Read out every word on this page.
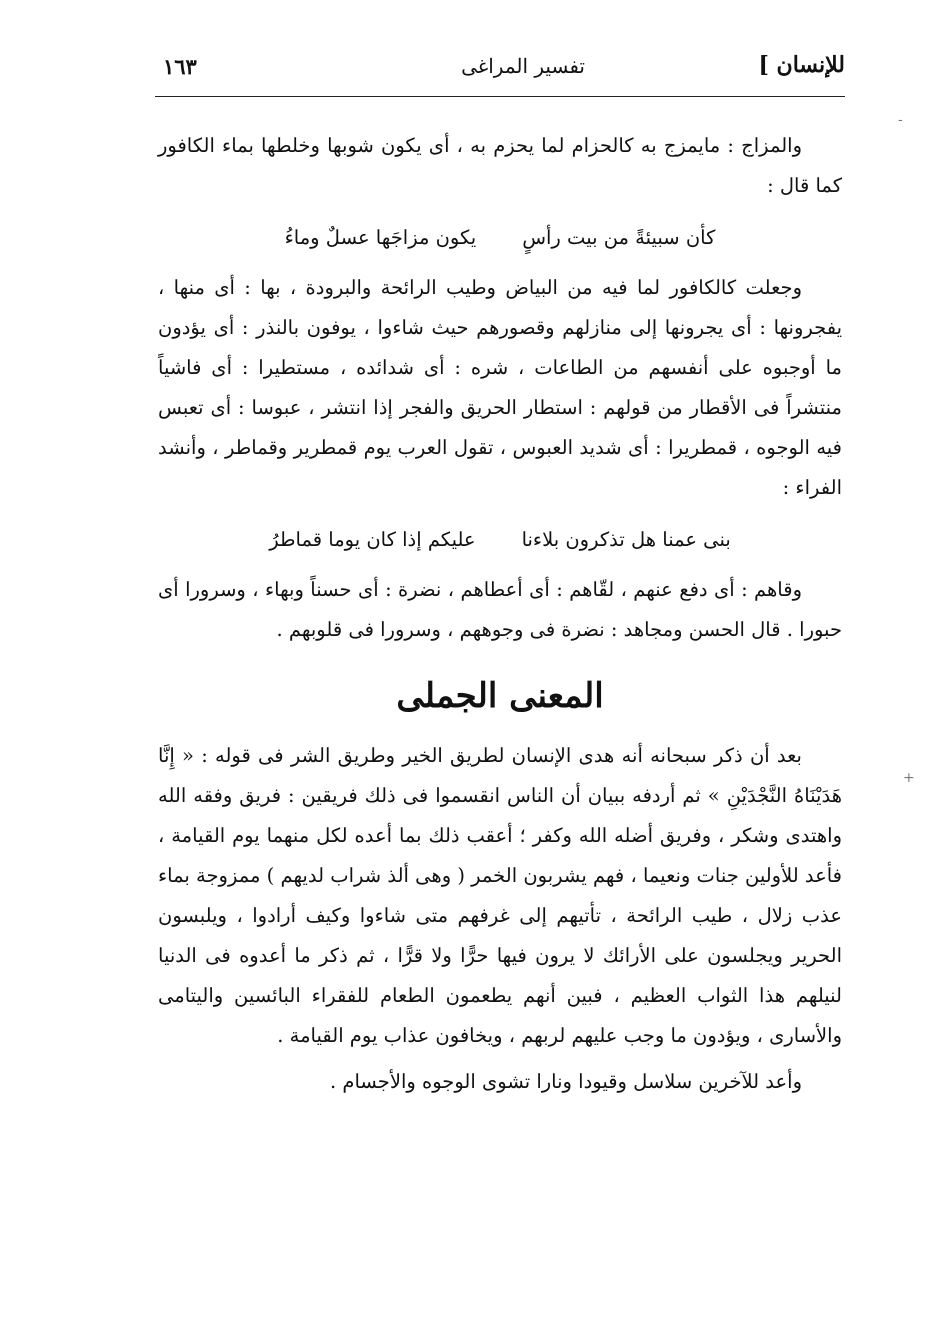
للإنسان ]
تفسير المراغى
١٦٣
-
+

والمزاج : مايمزج به كالحزام لما يحزم به ، أى يكون شوبها وخلطها بماء الكافور كما قال :

كأن سبيئةً من بيت رأسٍ
يكون مزاجَها عسلٌ وماءُ

وجعلت كالكافور لما فيه من البياض وطيب الرائحة والبرودة ، بها : أى منها ، يفجرونها : أى يجرونها إلى منازلهم وقصورهم حيث شاءوا ، يوفون بالنذر : أى يؤدون ما أوجبوه على أنفسهم من الطاعات ، شره : أى شدائده ، مستطيرا : أى فاشياً منتشراً فى الأقطار من قولهم : استطار الحريق والفجر إذا انتشر ، عبوسا : أى تعبس فيه الوجوه ، قمطريرا : أى شديد العبوس ، تقول العرب يوم قمطرير وقماطر ، وأنشد الفراء :

بنى عمنا هل تذكرون بلاءنا
عليكم إذا كان يوما قماطرُ

وقاهم : أى دفع عنهم ، لقّاهم : أى أعطاهم ، نضرة : أى حسناً وبهاء ، وسرورا أى حبورا . قال الحسن ومجاهد : نضرة فى وجوههم ، وسرورا فى قلوبهم .

المعنى الجملى

بعد أن ذكر سبحانه أنه هدى الإنسان لطريق الخير وطريق الشر فى قوله : « إِنَّا هَدَيْنَاهُ النَّجْدَيْنِ » ثم أردفه ببيان أن الناس انقسموا فى ذلك فريقين : فريق وفقه الله واهتدى وشكر ، وفريق أضله الله وكفر ؛ أعقب ذلك بما أعده لكل منهما يوم القيامة ، فأعد للأولين جنات ونعيما ، فهم يشربون الخمر ( وهى ألذ شراب لديهم ) ممزوجة بماء عذب زلال ، طيب الرائحة ، تأتيهم إلى غرفهم متى شاءوا وكيف أرادوا ، ويلبسون الحرير ويجلسون على الأرائك لا يرون فيها حرًّا ولا قرًّا ، ثم ذكر ما أعدوه فى الدنيا لنيلهم هذا الثواب العظيم ، فبين أنهم يطعمون الطعام للفقراء البائسين واليتامى والأسارى ، ويؤدون ما وجب عليهم لربهم ، ويخافون عذاب يوم القيامة .

وأعد للآخرين سلاسل وقيودا ونارا تشوى الوجوه والأجسام .
